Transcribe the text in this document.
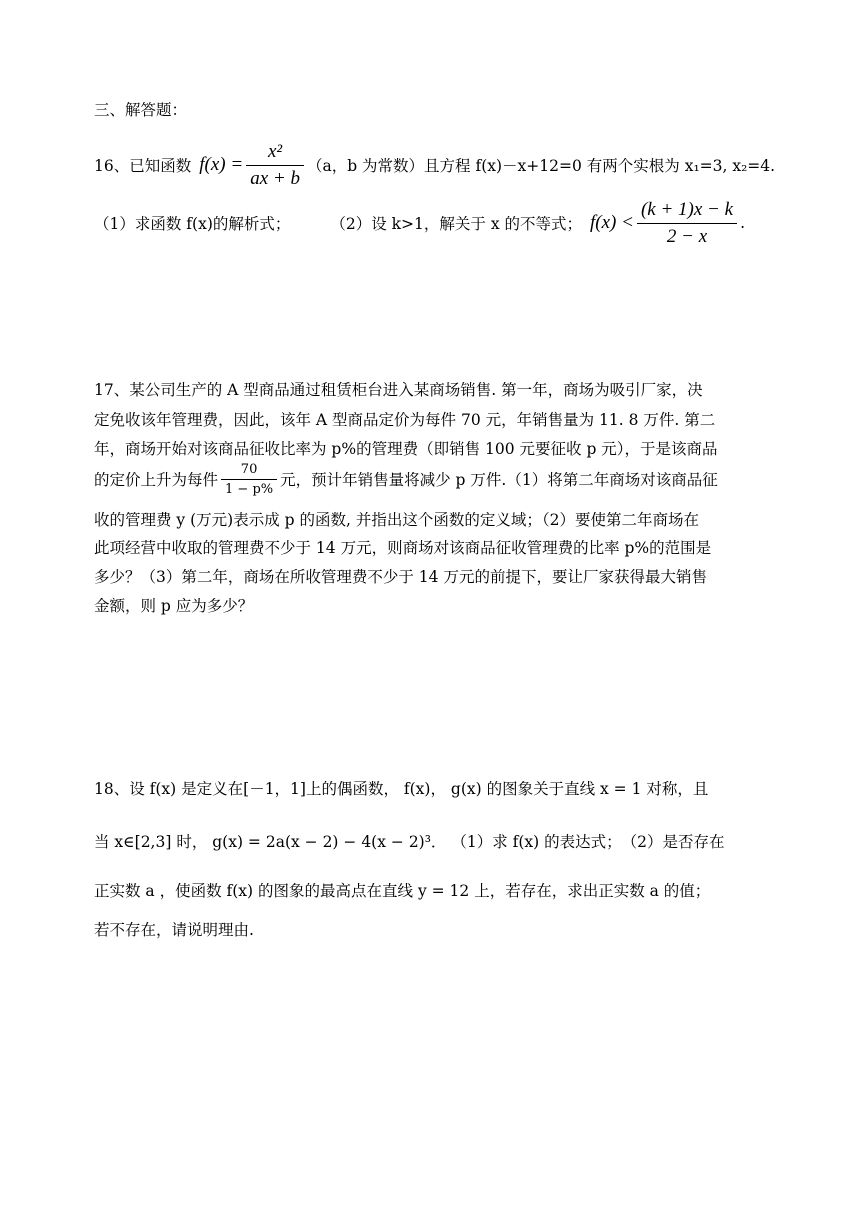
三、解答题：
16、 已知函数 $f(x) = \frac{\text{x²}}{ax + b} (a$，b 为常数）且方程 f(x)－x+12=0 有两个实根为 x₁=3, x₂=4.
（1）求函数 f(x)的解析式；	（2）设 k>1，解关于 x 的不等式； $f(x) < \frac{(k + 1)x - k}{2 - x}$ .
17、某公司生产的 A 型商品通过租赁柜台进入某商场销售. 第一年，商场为吸引厂家，决
定免收该年管理费，因此，该年 A 型商品定价为每件 70 元，年销售量为 11. 8 万件. 第二
年，商场开始对该商品征收比率为 p%的管理费（即销售 100 元要征收 p 元），于是该商品
的定价上升为每件 $\frac{70}{1 - p\%}$ 元，预计年销售量将减少 p 万件.（1）将第二年商场对该商品征
收的管理费 y (万元)表示成 p 的函数, 并指出这个函数的定义域；（2）要使第二年商场在
此项经营中收取的管理费不少于 14 万元，则商场对该商品征收管理费的比率 p%的范围是
多少？（3）第二年，商场在所收管理费不少于 14 万元的前提下，要让厂家获得最大销售
金额，则 p 应为多少？
18、设 f(x) 是定义在[－1，1]上的偶函数， f(x)， g(x) 的图象关于直线 x = 1 对称，且
当 x∈[2,3] 时， g(x) = 2a(x − 2) − 4(x − 2)³． （1）求 f(x) 的表达式；　（2）是否存在
正实数 a ，使函数 f(x) 的图象的最高点在直线 y = 12 上，若存在，求出正实数 a 的值；
若不存在，请说明理由.
